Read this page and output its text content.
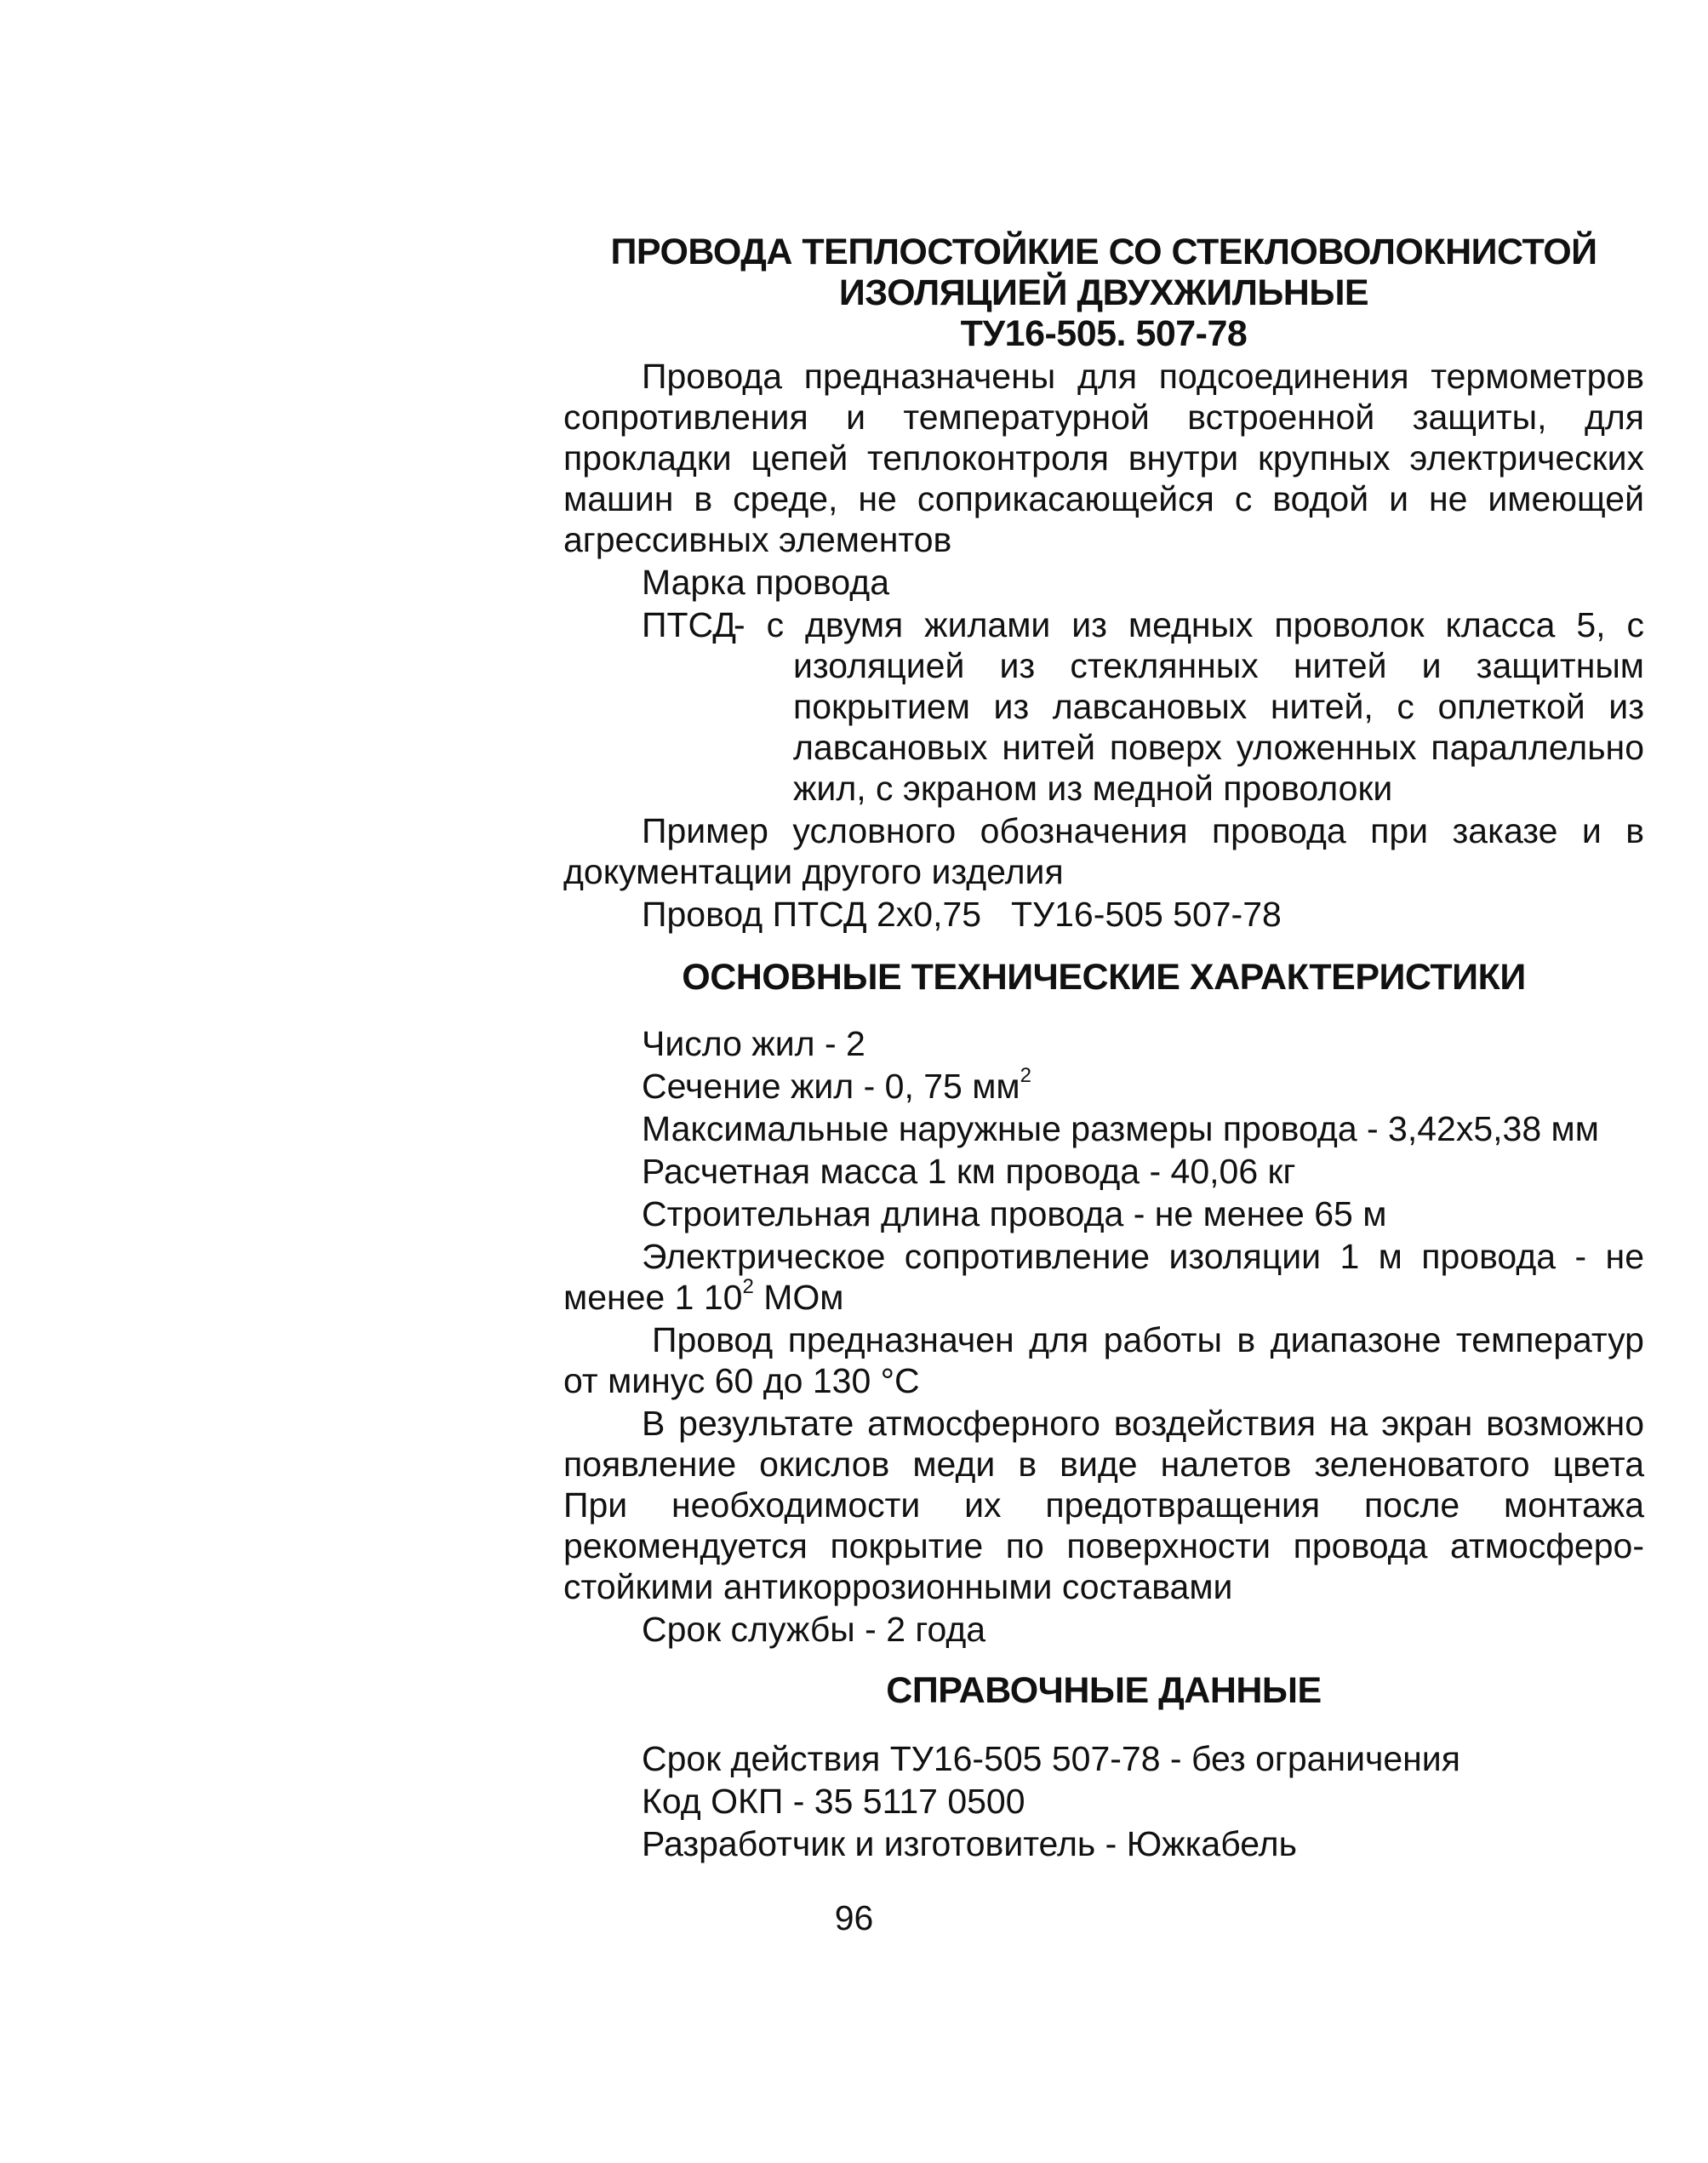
ПРОВОДА ТЕПЛОСТОЙКИЕ СО СТЕКЛОВОЛОКНИСТОЙ
ИЗОЛЯЦИЕЙ ДВУХЖИЛЬНЫЕ
ТУ16-505. 507-78
Провода предназначены для подсоединения термометров
сопротивления и температурной встроенной защиты, для
прокладки цепей теплоконтроля внутри крупных электрических
машин в среде, не соприкасающейся с водой и не имеющей
агрессивных элементов
Марка провода
ПТСД
- с двумя жилами из медных проволок класса 5, с
изоляцией из стеклянных нитей и защитным
покрытием из лавсановых нитей, с оплеткой из
лавсановых нитей поверх уложенных параллельно
жил, с экраном из медной проволоки
Пример условного обозначения провода при заказе и в
документации другого изделия
Провод ПТСД 2х0,75 ТУ16-505 507-78
ОСНОВНЫЕ ТЕХНИЧЕСКИЕ ХАРАКТЕРИСТИКИ
Число жил - 2
Сечение жил - 0, 75 $мм^2$
Максимальные наружные размеры провода - 3,42х5,38 мм
Расчетная масса 1 км провода - 40,06 кг
Строительная длина провода - не менее 65 м
Электрическое сопротивление изоляции 1 м провода - не
менее 1 $10^2$ МОм
Провод предназначен для работы в диапазоне температур
от минус 60 до 130 °С
В результате атмосферного воздействия на экран возможно
появление окислов меди в виде налетов зеленоватого цвета
При необходимости их предотвращения после монтажа
рекомендуется покрытие по поверхности провода атмосферо-
стойкими антикоррозионными составами
Срок службы - 2 года
СПРАВОЧНЫЕ ДАННЫЕ
Срок действия ТУ16-505 507-78 - без ограничения
Код ОКП - 35 5117 0500
Разработчик и изготовитель - Южкабель
96
